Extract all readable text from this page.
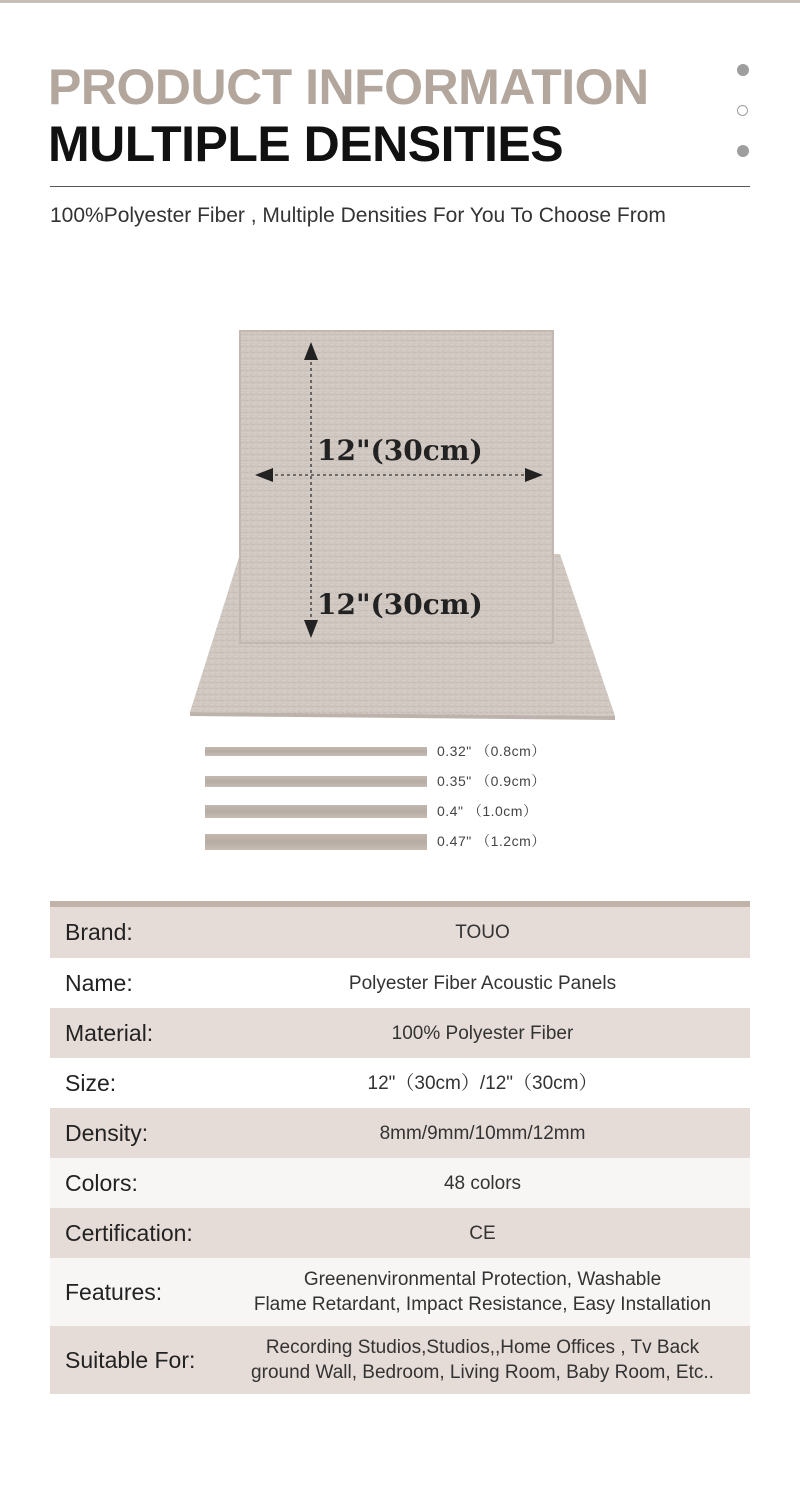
PRODUCT INFORMATION
MULTIPLE DENSITIES
100%Polyester Fiber , Multiple Densities For You To Choose From
12"(30cm)
12"(30cm)
0.32" （0.8cm）
0.35" （0.9cm）
0.4" （1.0cm）
0.47" （1.2cm）
Brand:	TOUO
Name:	Polyester Fiber Acoustic Panels
Material:	100% Polyester Fiber
Size:	12"（30cm）/12"（30cm）
Density:	8mm/9mm/10mm/12mm
Colors:	48 colors
Certification:	CE
Features:	Greenenvironmental Protection, Washable
Flame Retardant, Impact Resistance, Easy Installation
Suitable For:	Recording Studios,Studios,,Home Offices , Tv Back
ground Wall, Bedroom, Living Room, Baby Room, Etc..
